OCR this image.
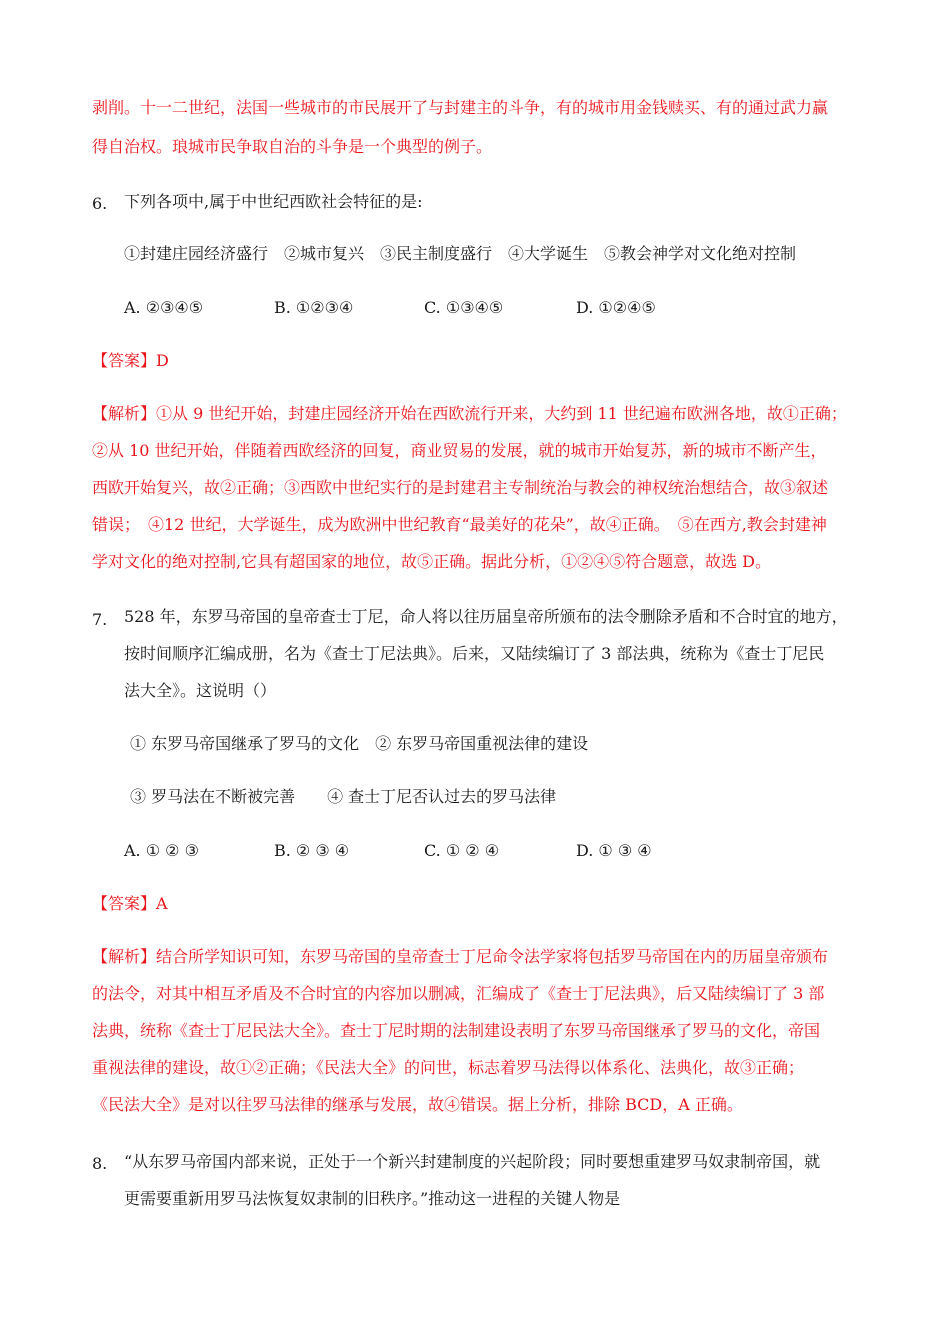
剥削。十一二世纪，法国一些城市的市民展开了与封建主的斗争，有的城市用金钱赎买、有的通过武力赢
得自治权。琅城市民争取自治的斗争是一个典型的例子。
6. 下列各项中,属于中世纪西欧社会特征的是:
①封建庄园经济盛行　②城市复兴　③民主制度盛行　④大学诞生　⑤教会神学对文化绝对控制
A. ②③④⑤	B. ①②③④	C. ①③④⑤	D. ①②④⑤
【答案】D
【解析】①从 9 世纪开始，封建庄园经济开始在西欧流行开来，大约到 11 世纪遍布欧洲各地，故①正确；
②从 10 世纪开始，伴随着西欧经济的回复，商业贸易的发展，就的城市开始复苏，新的城市不断产生，
西欧开始复兴，故②正确；③西欧中世纪实行的是封建君主专制统治与教会的神权统治想结合，故③叙述
错误；　④12 世纪，大学诞生，成为欧洲中世纪教育“最美好的花朵”，故④正确。　⑤在西方,教会封建神
学对文化的绝对控制,它具有超国家的地位，故⑤正确。据此分析，①②④⑤符合题意，故选 D。
7. 528 年，东罗马帝国的皇帝查士丁尼，命人将以往历届皇帝所颁布的法令删除矛盾和不合时宜的地方，
按时间顺序汇编成册，名为《查士丁尼法典》。后来，又陆续编订了 3 部法典，统称为《查士丁尼民
法大全》。这说明（）
① 东罗马帝国继承了罗马的文化　② 东罗马帝国重视法律的建设
③ 罗马法在不断被完善　　④ 查士丁尼否认过去的罗马法律
A. ① ② ③	B. ② ③ ④	C. ① ② ④	D. ① ③ ④
【答案】A
【解析】结合所学知识可知，东罗马帝国的皇帝查士丁尼命令法学家将包括罗马帝国在内的历届皇帝颁布
的法令，对其中相互矛盾及不合时宜的内容加以删减，汇编成了《查士丁尼法典》，后又陆续编订了 3 部
法典，统称《查士丁尼民法大全》。查士丁尼时期的法制建设表明了东罗马帝国继承了罗马的文化，帝国
重视法律的建设，故①②正确；《民法大全》的问世，标志着罗马法得以体系化、法典化，故③正确；
《民法大全》是对以往罗马法律的继承与发展，故④错误。据上分析，排除 BCD，A 正确。
8. “从东罗马帝国内部来说，正处于一个新兴封建制度的兴起阶段；同时要想重建罗马奴隶制帝国，就
更需要重新用罗马法恢复奴隶制的旧秩序。”推动这一进程的关键人物是
